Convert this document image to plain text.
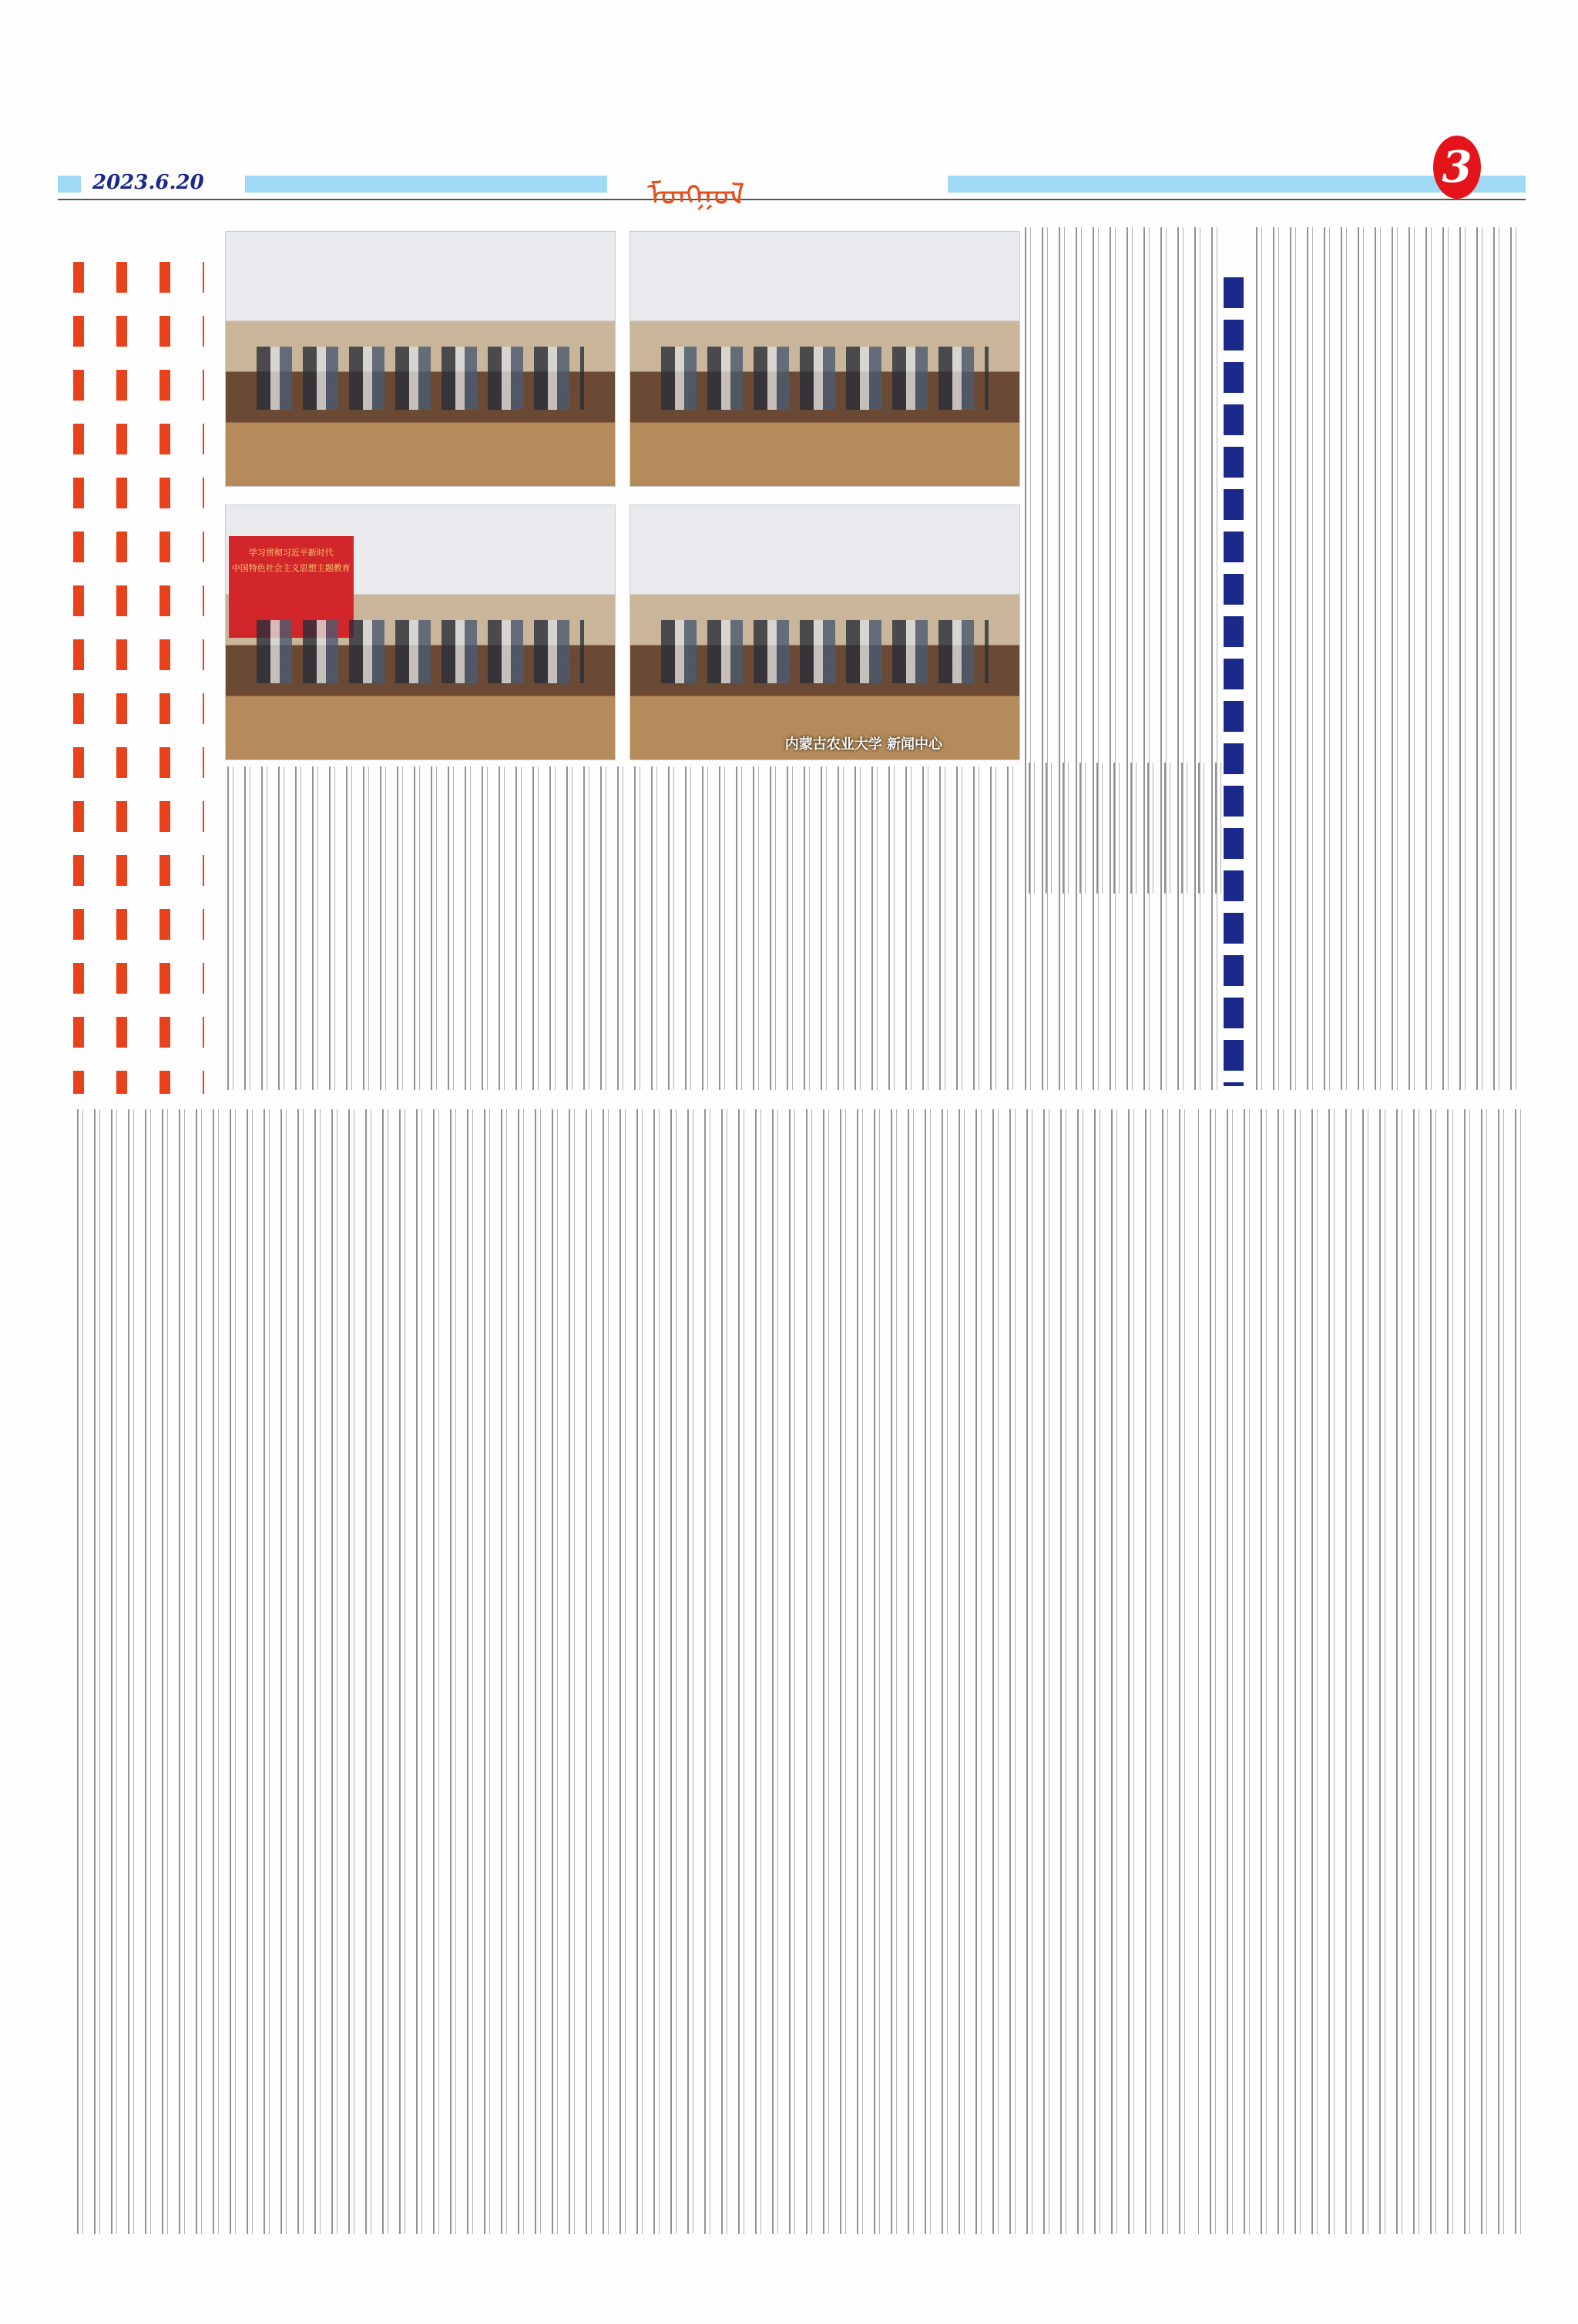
2023.6.20	ᠮᠣᠩᠭᠣᠯ
3
学习贯彻习近平新时代
中国特色社会主义思想主题教育
内蒙古农业大学 新闻中心
